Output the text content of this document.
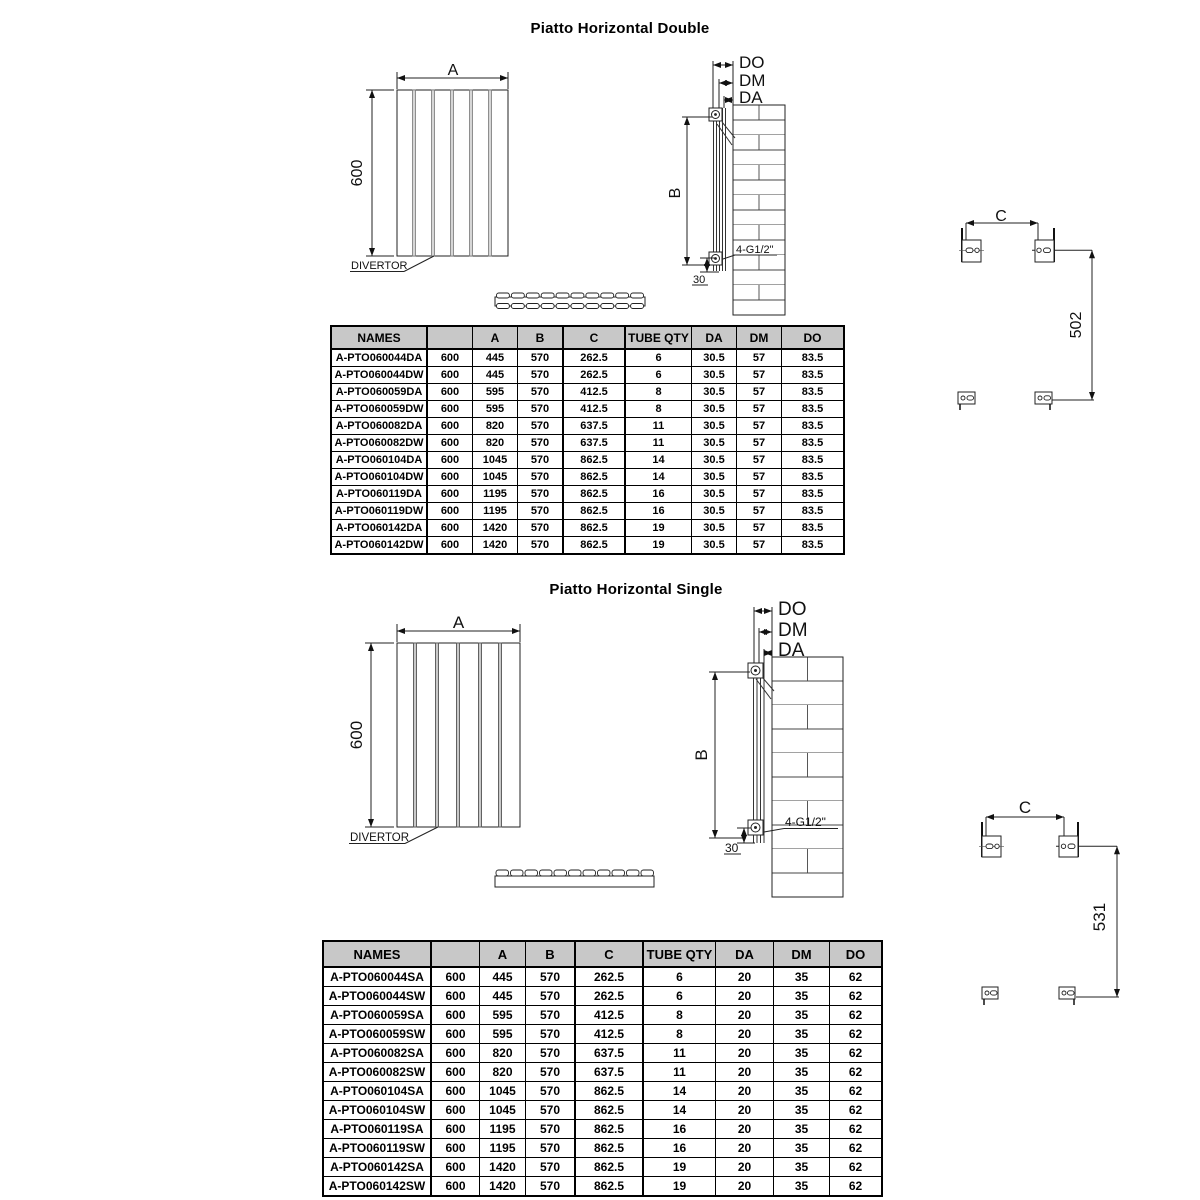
Piatto Horizontal Double
A
600
DIVERTOR
DO
DM
DA
B
4-G1/2"
30
C
502
NAMES		A	B	C	TUBE QTY	DA	DM	DO
A-PTO060044DA	600	445	570	262.5	6	30.5	57	83.5
A-PTO060044DW	600	445	570	262.5	6	30.5	57	83.5
A-PTO060059DA	600	595	570	412.5	8	30.5	57	83.5
A-PTO060059DW	600	595	570	412.5	8	30.5	57	83.5
A-PTO060082DA	600	820	570	637.5	11	30.5	57	83.5
A-PTO060082DW	600	820	570	637.5	11	30.5	57	83.5
A-PTO060104DA	600	1045	570	862.5	14	30.5	57	83.5
A-PTO060104DW	600	1045	570	862.5	14	30.5	57	83.5
A-PTO060119DA	600	1195	570	862.5	16	30.5	57	83.5
A-PTO060119DW	600	1195	570	862.5	16	30.5	57	83.5
A-PTO060142DA	600	1420	570	862.5	19	30.5	57	83.5
A-PTO060142DW	600	1420	570	862.5	19	30.5	57	83.5
Piatto Horizontal Single
A
600
DIVERTOR
DO
DM
DA
B
4-G1/2"
30
C
531
NAMES		A	B	C	TUBE QTY	DA	DM	DO
A-PTO060044SA	600	445	570	262.5	6	20	35	62
A-PTO060044SW	600	445	570	262.5	6	20	35	62
A-PTO060059SA	600	595	570	412.5	8	20	35	62
A-PTO060059SW	600	595	570	412.5	8	20	35	62
A-PTO060082SA	600	820	570	637.5	11	20	35	62
A-PTO060082SW	600	820	570	637.5	11	20	35	62
A-PTO060104SA	600	1045	570	862.5	14	20	35	62
A-PTO060104SW	600	1045	570	862.5	14	20	35	62
A-PTO060119SA	600	1195	570	862.5	16	20	35	62
A-PTO060119SW	600	1195	570	862.5	16	20	35	62
A-PTO060142SA	600	1420	570	862.5	19	20	35	62
A-PTO060142SW	600	1420	570	862.5	19	20	35	62
